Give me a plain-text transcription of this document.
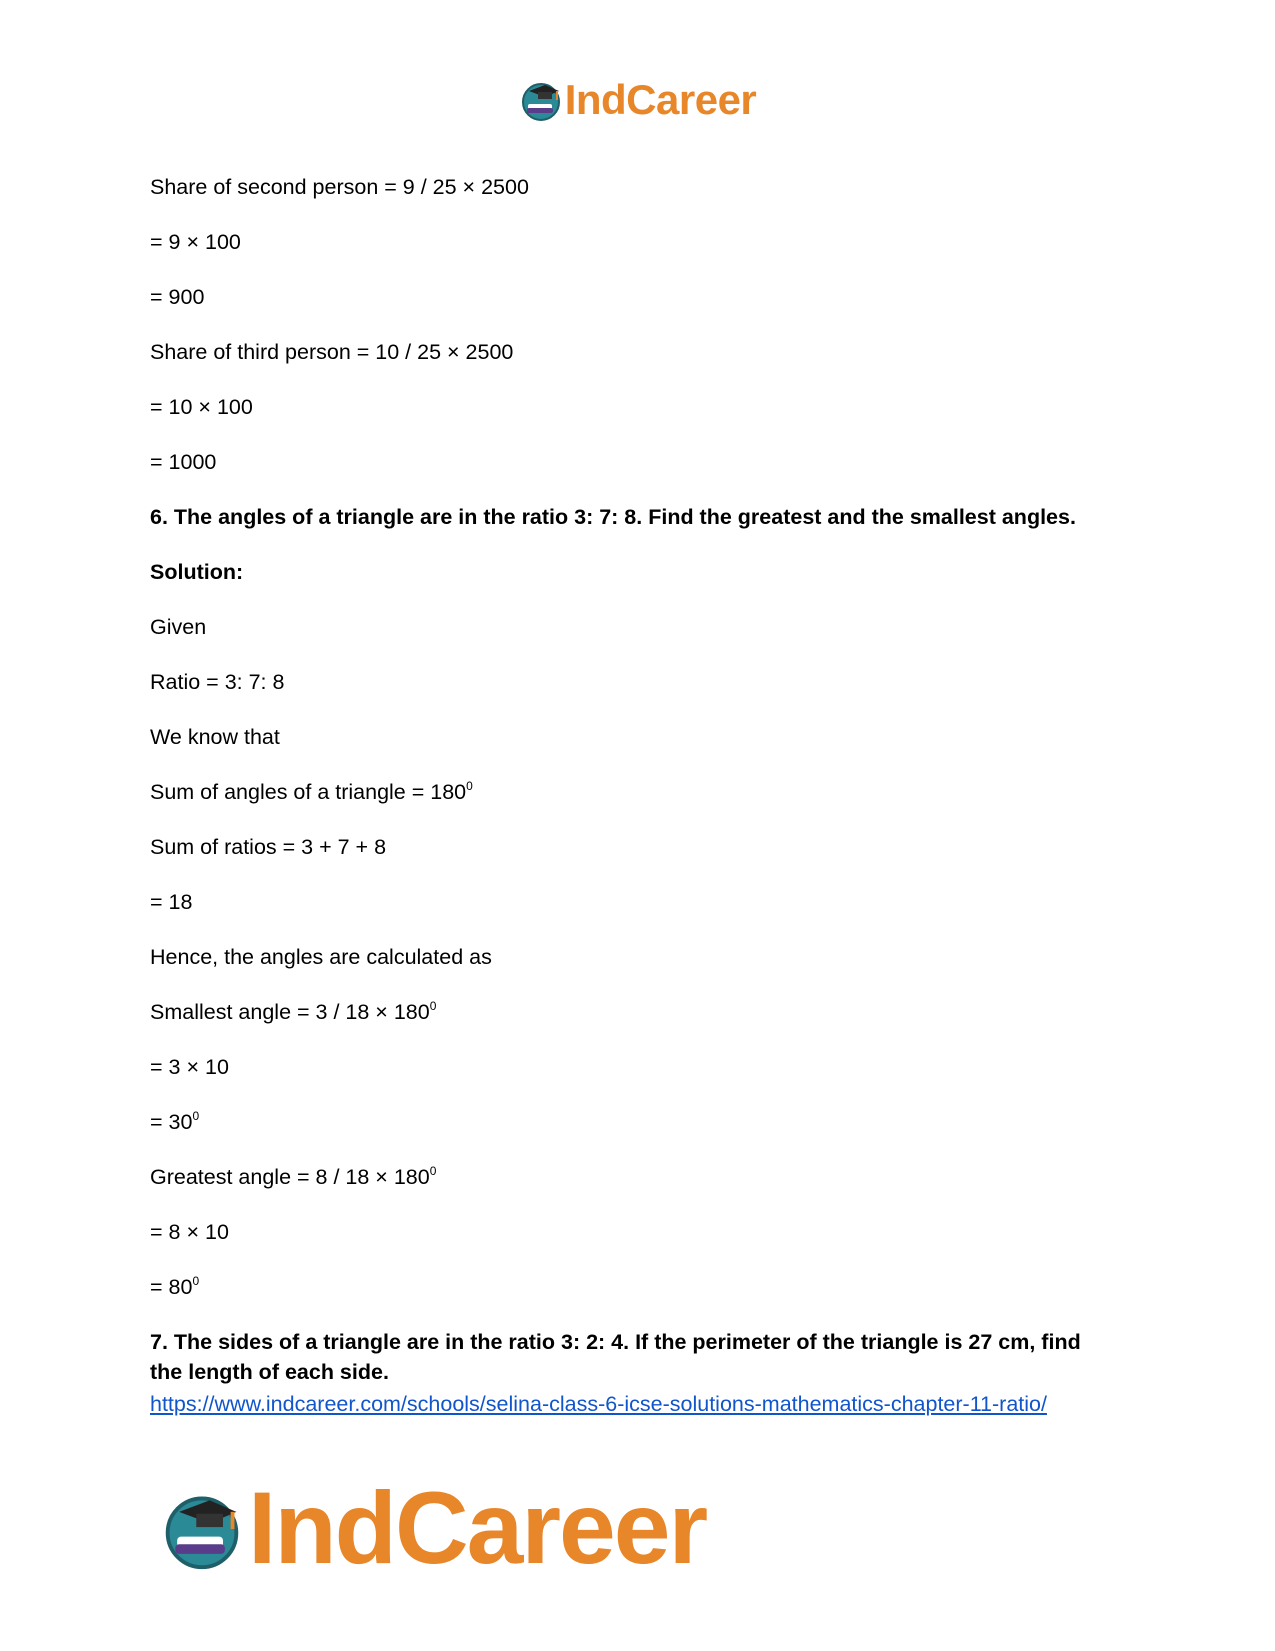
IndCareer

Share of second person = 9 / 25 × 2500

= 9 × 100

= 900

Share of third person = 10 / 25 × 2500

= 10 × 100

= 1000

6. The angles of a triangle are in the ratio 3: 7: 8. Find the greatest and the smallest angles.

Solution:

Given

Ratio = 3: 7: 8

We know that

Sum of angles of a triangle = $180^0$

Sum of ratios = 3 + 7 + 8

= 18

Hence, the angles are calculated as

Smallest angle = $3 / 18 \times 180^0$

= 3 × 10

= $30^0$

Greatest angle = $8 / 18 \times 180^0$

= 8 × 10

= $80^0$

7. The sides of a triangle are in the ratio 3: 2: 4. If the perimeter of the triangle is 27 cm, find the length of each side.

https://www.indcareer.com/schools/selina-class-6-icse-solutions-mathematics-chapter-11-ratio/
IndCareer
